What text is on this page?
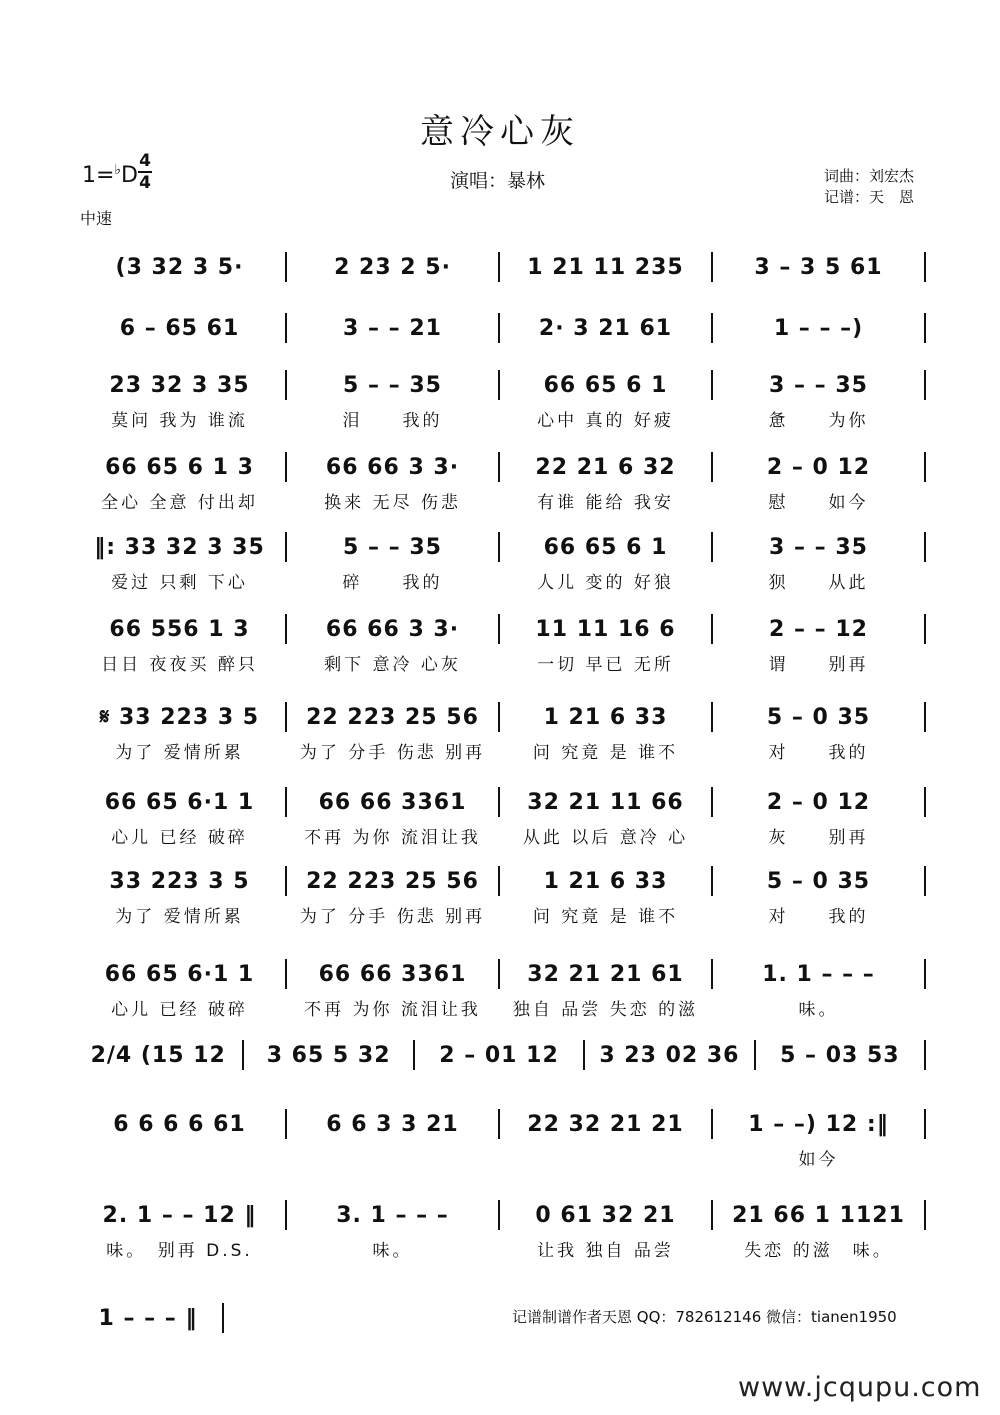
意冷心灰
1=♭D
4
4
中速
演唱：暴林	词曲：刘宏杰
记谱：天　恩
(3 32 3 5·	2 23 2 5·	1 21 11 235	3 – 3 5 61
6 – 65 61	3 – – 21	2· 3 21 61	1 – – –)
23 32 3 35	5 – – 35	66 65 6 1	3 – – 35
莫问 我为 谁流	泪　　我的	心中 真的 好疲	惫　　为你
66 65 6 1 3	66 66 3 3·	22 21 6 32	2 – 0 12
全心 全意 付出却	换来 无尽 伤悲	有谁 能给 我安	慰　　如今
‖: 33 32 3 35	5 – – 35	66 65 6 1	3 – – 35
爱过 只剩 下心	碎　　我的	人儿 变的 好狼	狈　　从此
66 556 1 3	66 66 3 3·	11 11 16 6	2 – – 12
日日 夜夜买 醉只	剩下 意冷 心灰	一切 早已 无所	谓　　别再
𝄋 33 223 3 5	22 223 25 56	1 21 6 33	5 – 0 35
为了 爱情所累	为了 分手 伤悲 别再	问 究竟 是 谁不	对　　我的
66 65 6·1 1	66 66 3361	32 21 11 66	2 – 0 12
心儿 已经 破碎	不再 为你 流泪让我	从此 以后 意冷 心	灰　　别再
33 223 3 5	22 223 25 56	1 21 6 33	5 – 0 35
为了 爱情所累	为了 分手 伤悲 别再	问 究竟 是 谁不	对　　我的
66 65 6·1 1	66 66 3361	32 21 21 61	1. 1 – – –
心儿 已经 破碎	不再 为你 流泪让我	独自 品尝 失恋 的滋	味。
2/4 (15 12	3 65 5 32	2 – 01 12	3 23 02 36	5 – 03 53
6 6 6 6 61	6 6 3 3 21	22 32 21 21	1 – –) 12 :‖
如今
2. 1 – – 12 ‖	3. 1 – – –	0 61 32 21	21 66 1 1121
味。　别再 D.S.	味。	让我 独自 品尝	失恋 的滋　味。
1 – – – ‖	记谱制谱作者天恩 QQ：782612146 微信：tianen1950
www.jcqupu.com
